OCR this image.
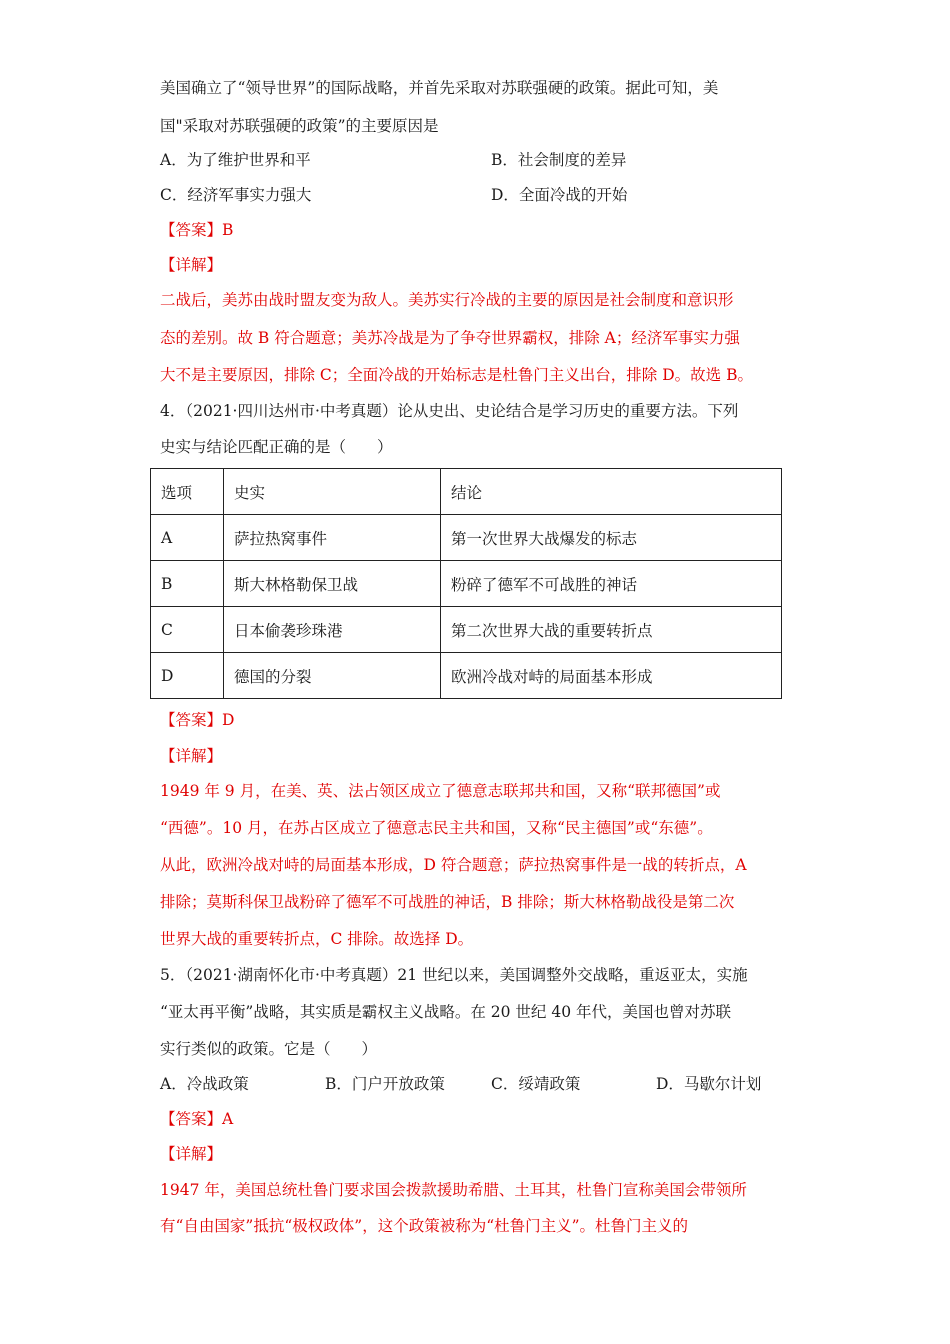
美国确立了“领导世界”的国际战略，并首先采取对苏联强硬的政策。据此可知，美
国"采取对苏联强硬的政策”的主要原因是
A．为了维护世界和平	B．社会制度的差异
C．经济军事实力强大	D．全面冷战的开始
【答案】B
【详解】
二战后，美苏由战时盟友变为敌人。美苏实行冷战的主要的原因是社会制度和意识形
态的差别。故 B 符合题意；美苏冷战是为了争夺世界霸权，排除 A；经济军事实力强
大不是主要原因，排除 C；全面冷战的开始标志是杜鲁门主义出台，排除 D。故选 B。
4．（2021·四川达州市·中考真题）论从史出、史论结合是学习历史的重要方法。下列
史实与结论匹配正确的是（　　）
选项	史实	结论
A	萨拉热窝事件	第一次世界大战爆发的标志
B	斯大林格勒保卫战	粉碎了德军不可战胜的神话
C	日本偷袭珍珠港	第二次世界大战的重要转折点
D	德国的分裂	欧洲冷战对峙的局面基本形成
【答案】D
【详解】
1949 年 9 月，在美、英、法占领区成立了德意志联邦共和国，又称“联邦德国”或
“西德”。10 月，在苏占区成立了德意志民主共和国，又称“民主德国”或“东德”。
从此，欧洲冷战对峙的局面基本形成，D 符合题意；萨拉热窝事件是一战的转折点，A
排除；莫斯科保卫战粉碎了德军不可战胜的神话，B 排除；斯大林格勒战役是第二次
世界大战的重要转折点，C 排除。故选择 D。
5．（2021·湖南怀化市·中考真题）21 世纪以来，美国调整外交战略，重返亚太，实施
“亚太再平衡”战略，其实质是霸权主义战略。在 20 世纪 40 年代，美国也曾对苏联
实行类似的政策。它是（　　）
A．冷战政策	B．门户开放政策	C．绥靖政策	D．马歇尔计划
【答案】A
【详解】
1947 年，美国总统杜鲁门要求国会拨款援助希腊、土耳其，杜鲁门宣称美国会带领所
有“自由国家”抵抗“极权政体”，这个政策被称为“杜鲁门主义”。杜鲁门主义的
